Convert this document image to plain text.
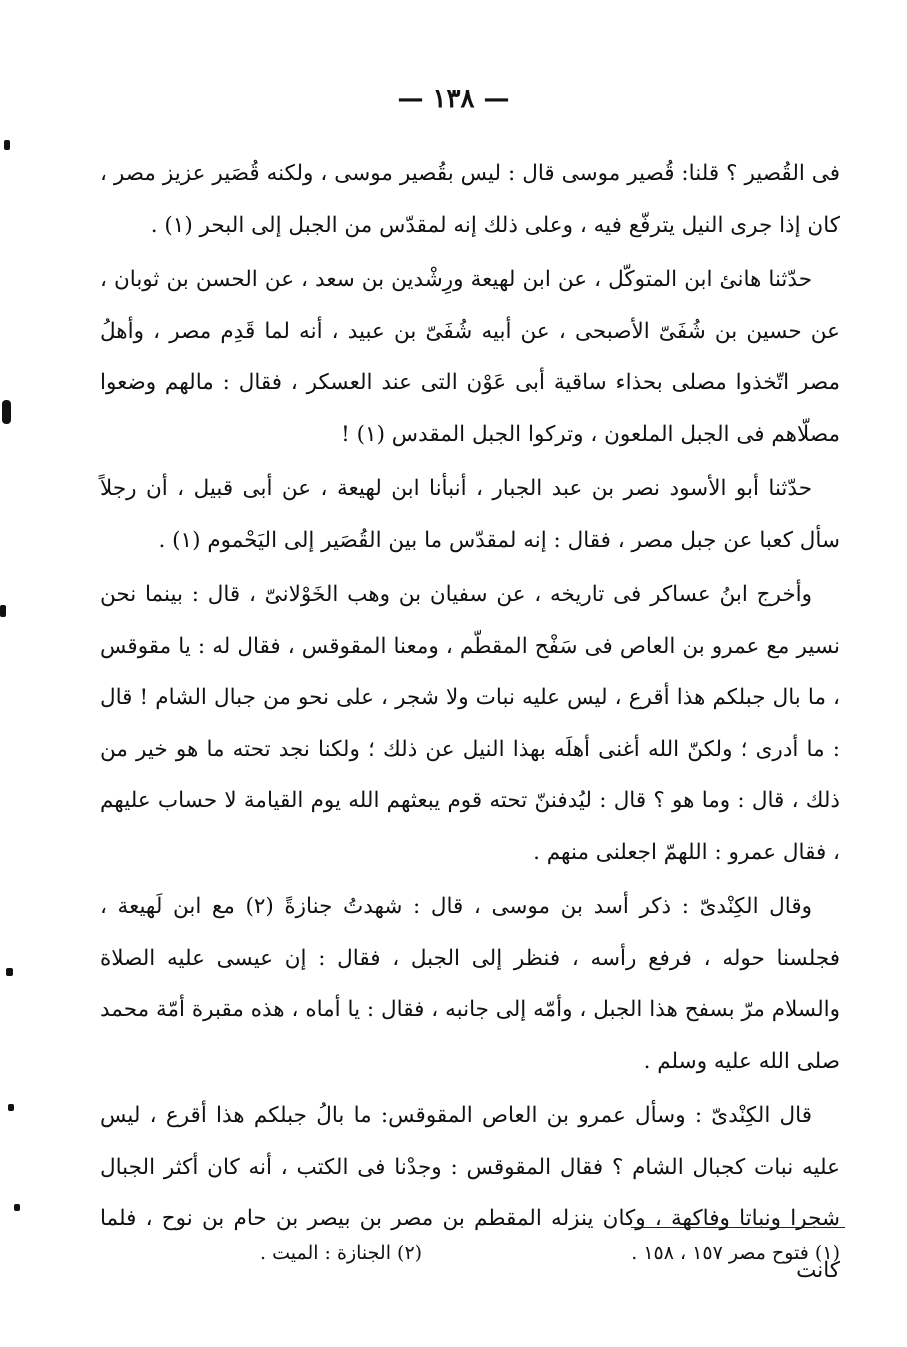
— ١٣٨ —

فى القُصير ؟ قلنا: قُصير موسى قال : ليس بقُصير موسى ، ولكنه قُصَير عزيز مصر ، كان إذا جرى النيل يترفّع فيه ، وعلى ذلك إنه لمقدّس من الجبل إلى البحر (١) .

حدّثنا هانئ ابن المتوكّل ، عن ابن لهيعة ورِشْدين بن سعد ، عن الحسن بن ثوبان ، عن حسين بن شُفَىّ الأصبحى ، عن أبيه شُفَىّ بن عبيد ، أنه لما قَدِم مصر ، وأهلُ مصر اتّخذوا مصلى بحذاء ساقية أبى عَوْن التى عند العسكر ، فقال : مالهم وضعوا مصلّاهم فى الجبل الملعون ، وتركوا الجبل المقدس (١) !

حدّثنا أبو الأسود نصر بن عبد الجبار ، أنبأنا ابن لهيعة ، عن أبى قبيل ، أن رجلاً سأل كعبا عن جبل مصر ، فقال : إنه لمقدّس ما بين القُصَير إلى اليَحْموم (١) .

وأخرج ابنُ عساكر فى تاريخه ، عن سفيان بن وهب الخَوْلانىّ ، قال : بينما نحن نسير مع عمرو بن العاص فى سَفْح المقطّم ، ومعنا المقوقس ، فقال له : يا مقوقس ، ما بال جبلكم هذا أقرع ، ليس عليه نبات ولا شجر ، على نحو من جبال الشام ! قال : ما أدرى ؛ ولكنّ الله أغنى أهلَه بهذا النيل عن ذلك ؛ ولكنا نجد تحته ما هو خير من ذلك ، قال : وما هو ؟ قال : ليُدفننّ تحته قوم يبعثهم الله يوم القيامة لا حساب عليهم ، فقال عمرو : اللهمّ اجعلنى منهم .

وقال الكِنْدىّ : ذكر أسد بن موسى ، قال : شهدتُ جنازةً (٢) مع ابن لَهيعة ، فجلسنا حوله ، فرفع رأسه ، فنظر إلى الجبل ، فقال : إن عيسى عليه الصلاة والسلام مرّ بسفح هذا الجبل ، وأمّه إلى جانبه ، فقال : يا أماه ، هذه مقبرة أمّة محمد صلى الله عليه وسلم .

قال الكِنْدىّ : وسأل عمرو بن العاص المقوقس: ما بالُ جبلكم هذا أقرع ، ليس عليه نبات كجبال الشام ؟ فقال المقوقس : وجدْنا فى الكتب ، أنه كان أكثر الجبال شجرا ونباتا وفاكهة ، وكان ينزله المقطم بن مصر بن بيصر بن حام بن نوح ، فلما كانت

(١) فتوح مصر ١٥٧ ، ١٥٨ .
(٢) الجنازة : الميت .
